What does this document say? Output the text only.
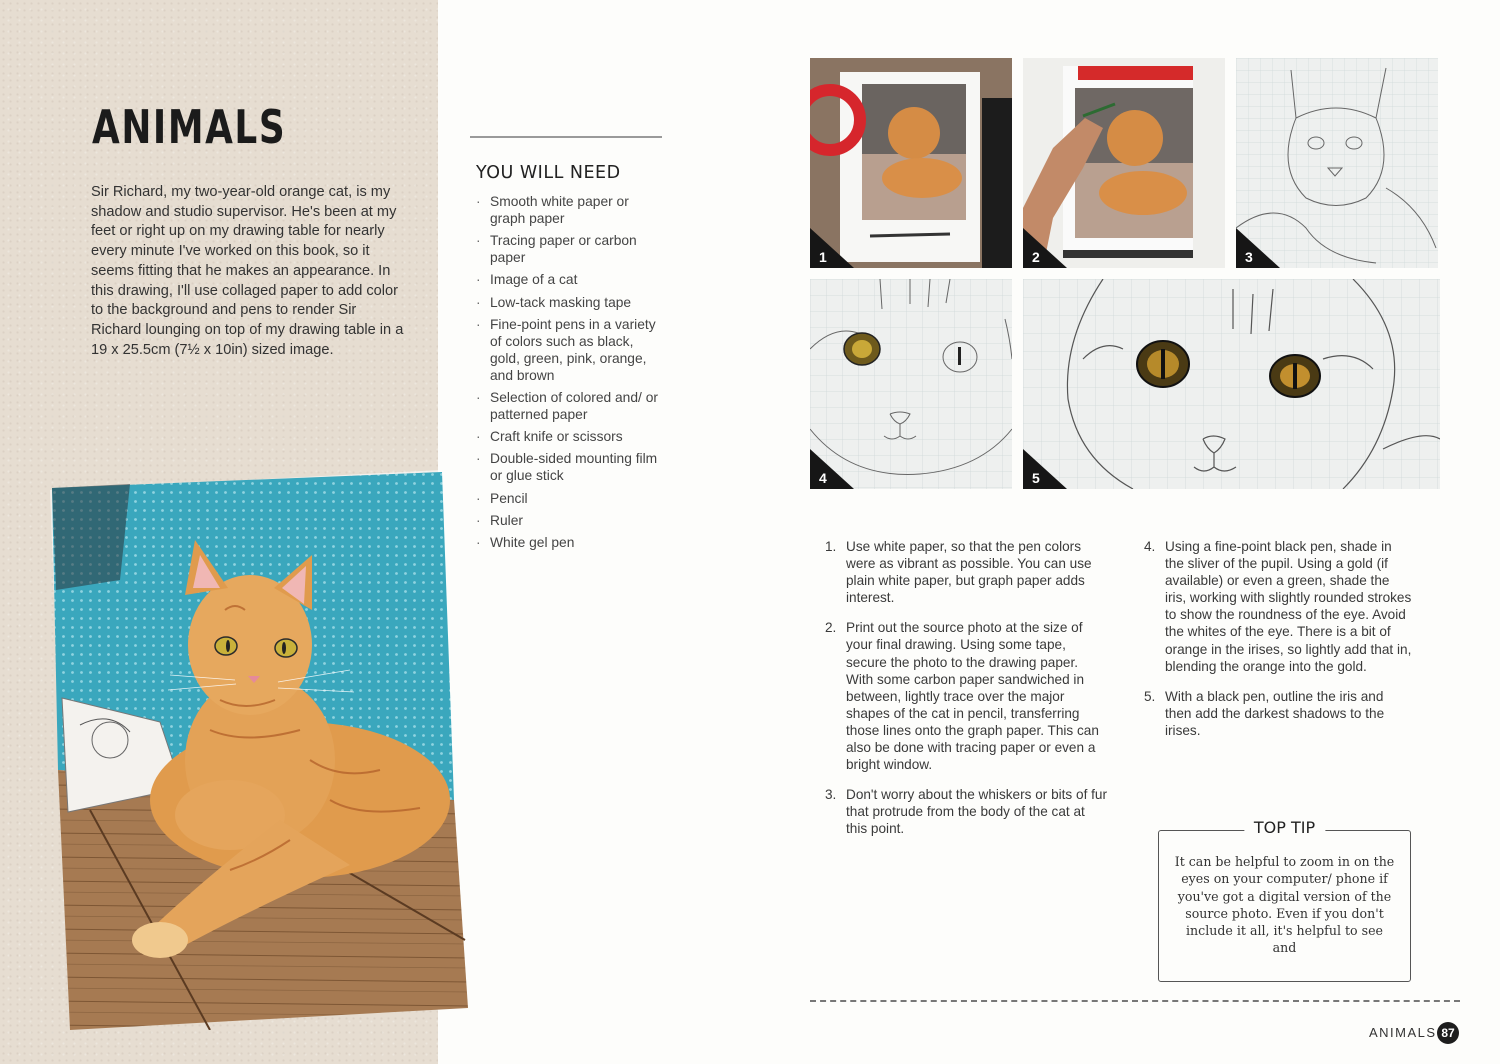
ANIMALS

Sir Richard, my two-year-old orange cat, is my shadow and studio supervisor. He's been at my feet or right up on my drawing table for nearly every minute I've worked on this book, so it seems fitting that he makes an appearance. In this drawing, I'll use collaged paper to add color to the background and pens to render Sir Richard lounging on top of my drawing table in a 19 x 25.5cm (7½ x 10in) sized image.

YOU WILL NEED
· Smooth white paper or graph paper
· Tracing paper or carbon paper
· Image of a cat
· Low-tack masking tape
· Fine-point pens in a variety of colors such as black, gold, green, pink, orange, and brown
· Selection of colored and/ or patterned paper
· Craft knife or scissors
· Double-sided mounting film or glue stick
· Pencil
· Ruler
· White gel pen
1	2	3
4	5
1. Use white paper, so that the pen colors were as vibrant as possible. You can use plain white paper, but graph paper adds interest.
2. Print out the source photo at the size of your final drawing. Using some tape, secure the photo to the drawing paper. With some carbon paper sandwiched in between, lightly trace over the major shapes of the cat in pencil, transferring those lines onto the graph paper. This can also be done with tracing paper or even a bright window.
3. Don't worry about the whiskers or bits of fur that protrude from the body of the cat at this point.
4. Using a fine-point black pen, shade in the sliver of the pupil. Using a gold (if available) or even a green, shade the iris, working with slightly rounded strokes to show the roundness of the eye. Avoid the whites of the eye. There is a bit of orange in the irises, so lightly add that in, blending the orange into the gold.
5. With a black pen, outline the iris and then add the darkest shadows to the irises.
TOP TIP

It can be helpful to zoom in on the eyes on your computer/ phone if you've got a digital version of the source photo. Even if you don't include it all, it's helpful to see and

ANIMALS 87
